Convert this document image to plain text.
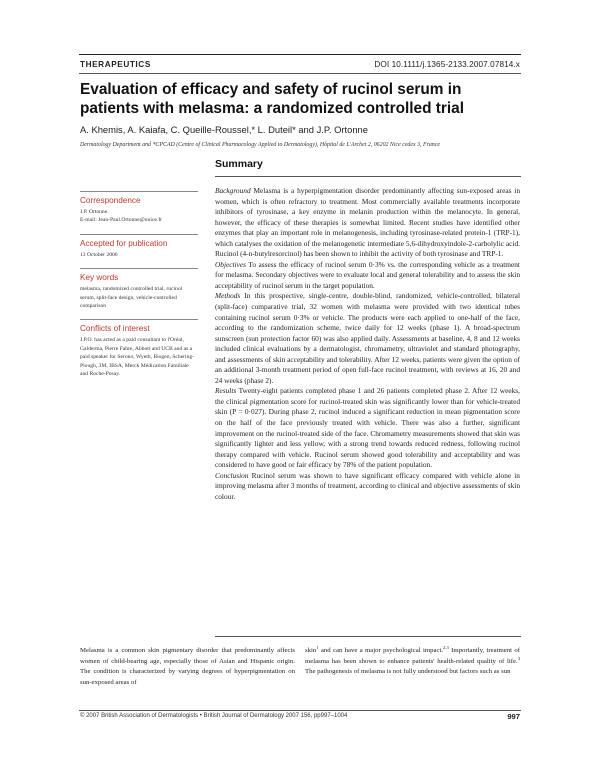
THERAPEUTICS	DOI 10.1111/j.1365-2133.2007.07814.x
Evaluation of efficacy and safety of rucinol serum in patients with melasma: a randomized controlled trial
A. Khemis, A. Kaiafa, C. Queille-Roussel,* L. Duteil* and J.P. Ortonne
Dermatology Department and *CPCAD (Centre of Clinical Pharmacology Applied to Dermatology), Hôpital de L'Archet 2, 06202 Nice cedex 3, France
Summary
Correspondence

J.P. Ortonne.

E-mail: Jean-Paul.Ortonne@unice.fr

Accepted for publication

13 October 2006

Key words

melasma, randomized controlled trial, rucinol serum, split-face design, vehicle-controlled comparison

Conflicts of interest

J.P.O. has acted as a paid consultant to l'Oréal, Galderma, Pierre Fabre, Abbott and UCB and as a paid speaker for Serono, Wyeth, Biogen, Schering-Plough, 3M, IBSA, Merck Médication Familiale and Roche-Posay.

Background Melasma is a hyperpigmentation disorder predominantly affecting sun-exposed areas in women, which is often refractory to treatment. Most commercially available treatments incorporate inhibitors of tyrosinase, a key enzyme in melanin production within the melanocyte. In general, however, the efficacy of these therapies is somewhat limited. Recent studies have identified other enzymes that play an important role in melanogenesis, including tyrosinase-related protein-1 (TRP-1), which catalyses the oxidation of the melanogenetic intermediate 5,6-dihydroxyindole-2-carbolylic acid. Rucinol (4-n-butylresorcinol) has been shown to inhibit the activity of both tyrosinase and TRP-1.

Objectives To assess the efficacy of rucinol serum 0·3% vs. the corresponding vehicle as a treatment for melasma. Secondary objectives were to evaluate local and general tolerability and to assess the skin acceptability of rucinol serum in the target population.

Methods In this prospective, single-centre, double-blind, randomized, vehicle-controlled, bilateral (split-face) comparative trial, 32 women with melasma were provided with two identical tubes containing rucinol serum 0·3% or vehicle. The products were each applied to one-half of the face, according to the randomization scheme, twice daily for 12 weeks (phase 1). A broad-spectrum sunscreen (sun protection factor 60) was also applied daily. Assessments at baseline, 4, 8 and 12 weeks included clinical evaluations by a dermatologist, chromametry, ultraviolet and standard photography, and assessments of skin acceptability and tolerability. After 12 weeks, patients were given the option of an additional 3-month treatment period of open full-face rucinol treatment, with reviews at 16, 20 and 24 weeks (phase 2).

Results Twenty-eight patients completed phase 1 and 26 patients completed phase 2. After 12 weeks, the clinical pigmentation score for rucinol-treated skin was significantly lower than for vehicle-treated skin (P = 0·027). During phase 2, rucinol induced a significant reduction in mean pigmentation score on the half of the face previously treated with vehicle. There was also a further, significant improvement on the rucinol-treated side of the face. Chromametry measurements showed that skin was significantly lighter and less yellow, with a strong trend towards reduced redness, following rucinol therapy compared with vehicle. Rucinol serum showed good tolerability and acceptability and was considered to have good or fair efficacy by 78% of the patient population.

Conclusion Rucinol serum was shown to have significant efficacy compared with vehicle alone in improving melasma after 3 months of treatment, according to clinical and objective assessments of skin colour.

Melasma is a common skin pigmentary disorder that predominantly affects women of child-bearing age, especially those of Asian and Hispanic origin. The condition is characterized by varying degrees of hyperpigmentation on sun-exposed areas of
skin$^1$ and can have a major psychological impact.$^{2,3}$ Importantly, treatment of melasma has been shown to enhance patients' health-related quality of life.$^3$ The pathogenesis of melasma is not fully understood but factors such as sun
© 2007 British Association of Dermatologists • British Journal of Dermatology 2007 156, pp997–1004	997
